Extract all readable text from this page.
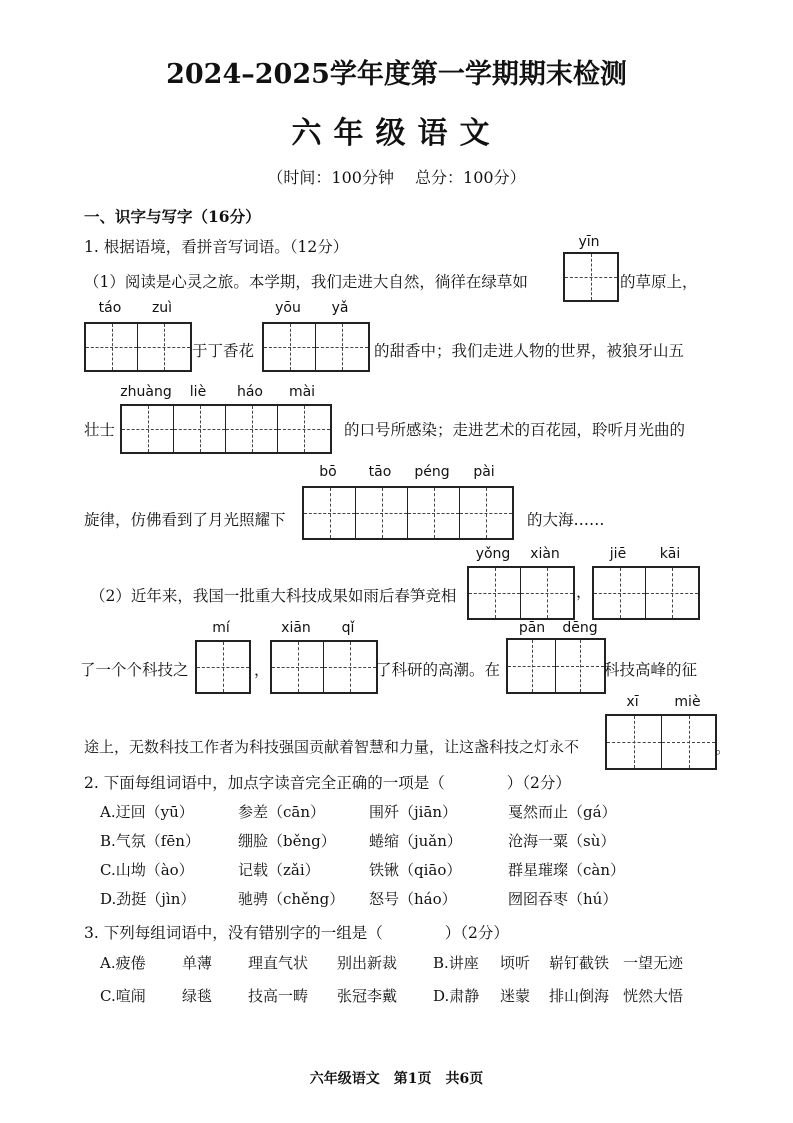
2024–2025学年度第一学期期末检测
六年级语文
（时间：100分钟　 总分：100分）
一、识字与写字（16分）
1. 根据语境，看拼音写词语。（12分）
（1）阅读是心灵之旅。本学期，我们走进大自然，徜徉在绿草如
yīn
的草原上，
táo	zuì
于丁香花
yōu	yǎ
的甜香中；我们走进人物的世界，被狼牙山五
壮士
zhuàng	liè	háo	mài
的口号所感染；走进艺术的百花园，聆听月光曲的
旋律，仿佛看到了月光照耀下
bō	tāo	péng	pài
的大海……
（2）近年来，我国一批重大科技成果如雨后春笋竞相
yǒng	xiàn
，
jiē	kāi
了一个个科技之
mí
，
xiān	qǐ
了科研的高潮。在
pān	dēng
科技高峰的征
途上，无数科技工作者为科技强国贡献着智慧和力量，让这盏科技之灯永不
xī	miè
。
2. 下面每组词语中，加点字读音完全正确的一项是（　　　　）（2分）
A.迂回（yū）	参差（cān）	围歼（jiān）	戛然而止（gá）
B.气氛（fēn）	绷脸（běng） 蜷缩（juǎn）	沧海一粟（sù）
C.山坳（ào）	记载（zǎi）	铁锹（qiāo）	群星璀璨（càn）
D.劲挺（jìn）	驰骋（chěng） 怒号（háo）	囫囵吞枣（hú）
3. 下列每组词语中，没有错别字的一组是（　　　　）（2分）
A.疲倦 单薄 理直气状 别出新裁 B.讲座 顷听 崭钉截铁 一望无迹
C.喧闹 绿毯 技高一畴 张冠李戴 D.肃静 迷蒙 排山倒海 恍然大悟
六年级语文　第1页　共6页
